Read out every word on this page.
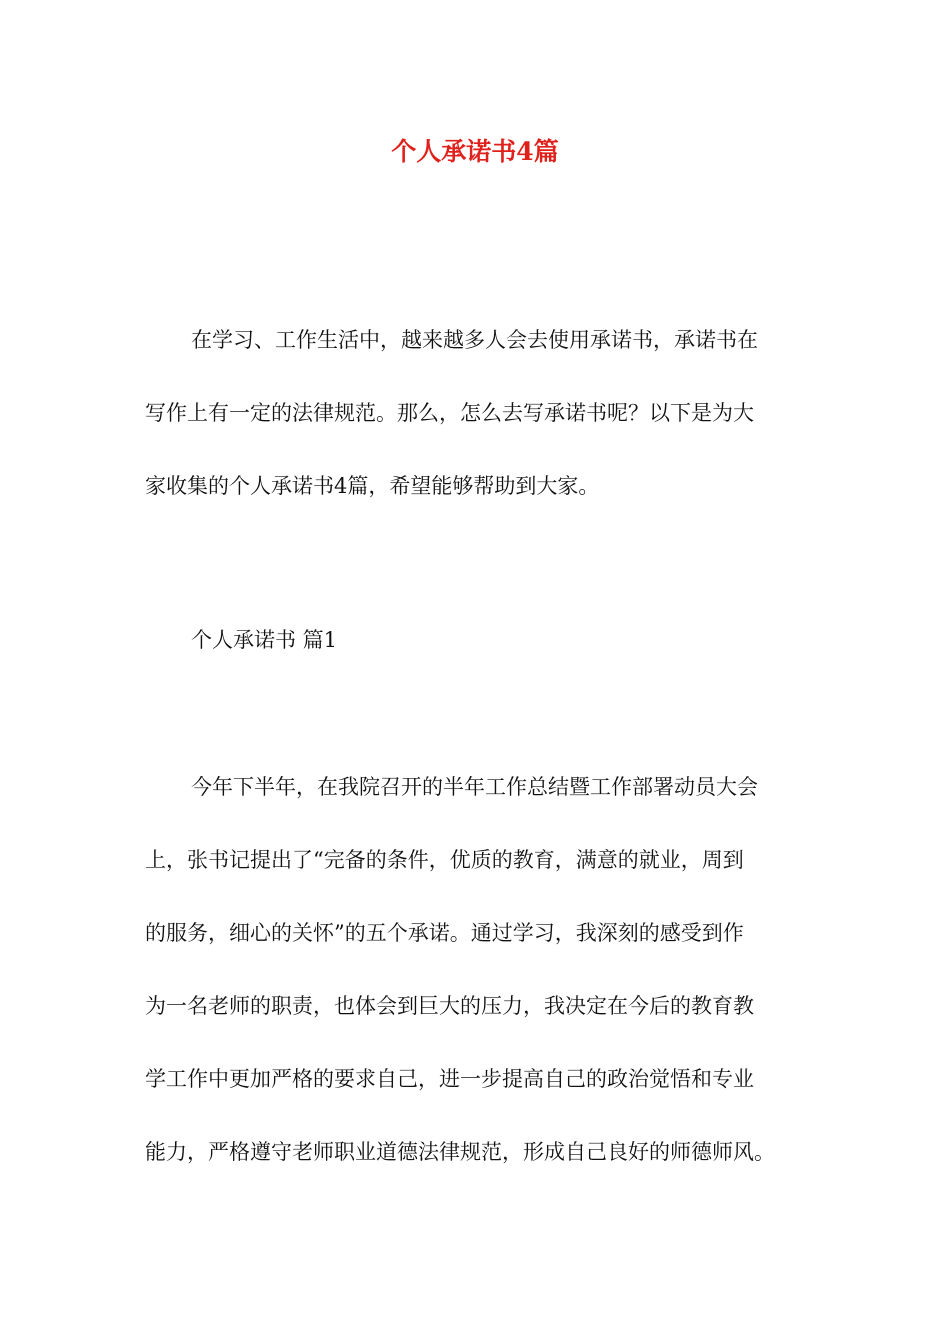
个人承诺书4篇
在学习、工作生活中，越来越多人会去使用承诺书，承诺书在
写作上有一定的法律规范。那么，怎么去写承诺书呢？以下是为大
家收集的个人承诺书4篇，希望能够帮助到大家。
个人承诺书 篇1
今年下半年，在我院召开的半年工作总结暨工作部署动员大会
上，张书记提出了“完备的条件，优质的教育，满意的就业，周到
的服务，细心的关怀”的五个承诺。通过学习，我深刻的感受到作
为一名老师的职责，也体会到巨大的压力，我决定在今后的教育教
学工作中更加严格的要求自己，进一步提高自己的政治觉悟和专业
能力，严格遵守老师职业道德法律规范，形成自己良好的师德师风。
